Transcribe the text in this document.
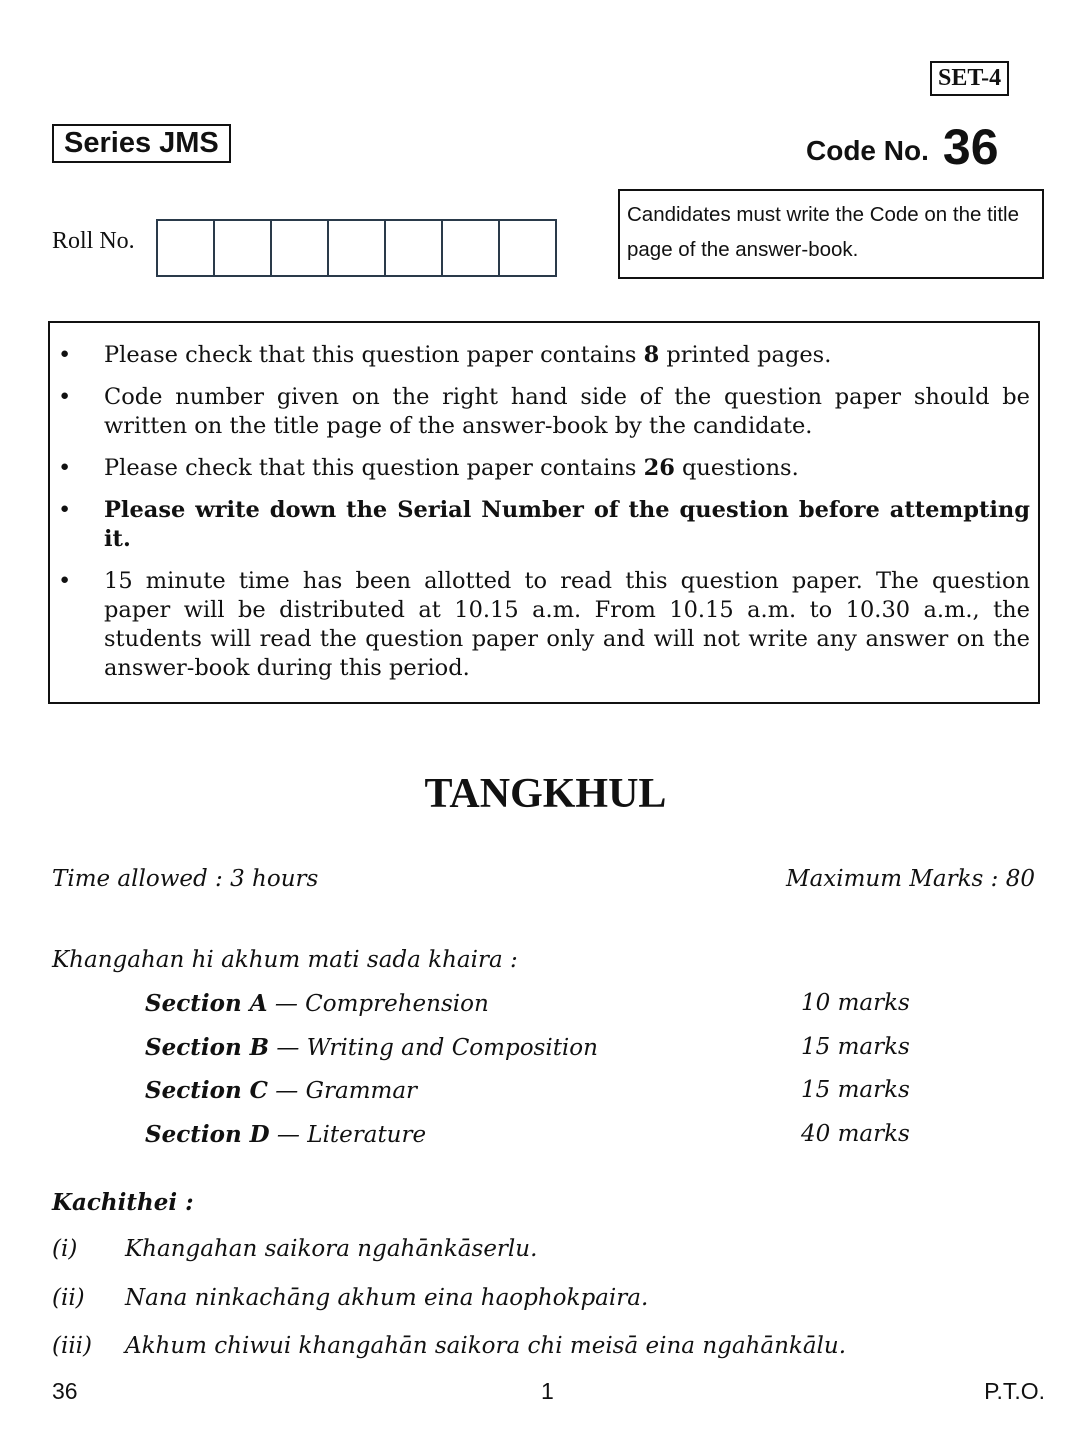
SET-4
Series JMS	Code No. 36
Roll No.
Candidates must write the Code on the title page of the answer-book.
• Please check that this question paper contains 8 printed pages.
• Code number given on the right hand side of the question paper should be written on the title page of the answer-book by the candidate.
• Please check that this question paper contains 26 questions.
• Please write down the Serial Number of the question before attempting it.
• 15 minute time has been allotted to read this question paper. The question paper will be distributed at 10.15 a.m. From 10.15 a.m. to 10.30 a.m., the students will read the question paper only and will not write any answer on the answer-book during this period.
TANGKHUL
Time allowed : 3 hours	Maximum Marks : 80
Khangahan hi akhum mati sada khaira :
Section A — Comprehension	10 marks
Section B — Writing and Composition	15 marks
Section C — Grammar	15 marks
Section D — Literature	40 marks
Kachithei :
(i) Khangahan saikora ngahānkāserlu.
(ii) Nana ninkachāng akhum eina haophokpaira.
(iii) Akhum chiwui khangahān saikora chi meisā eina ngahānkālu.
36	1	P.T.O.
